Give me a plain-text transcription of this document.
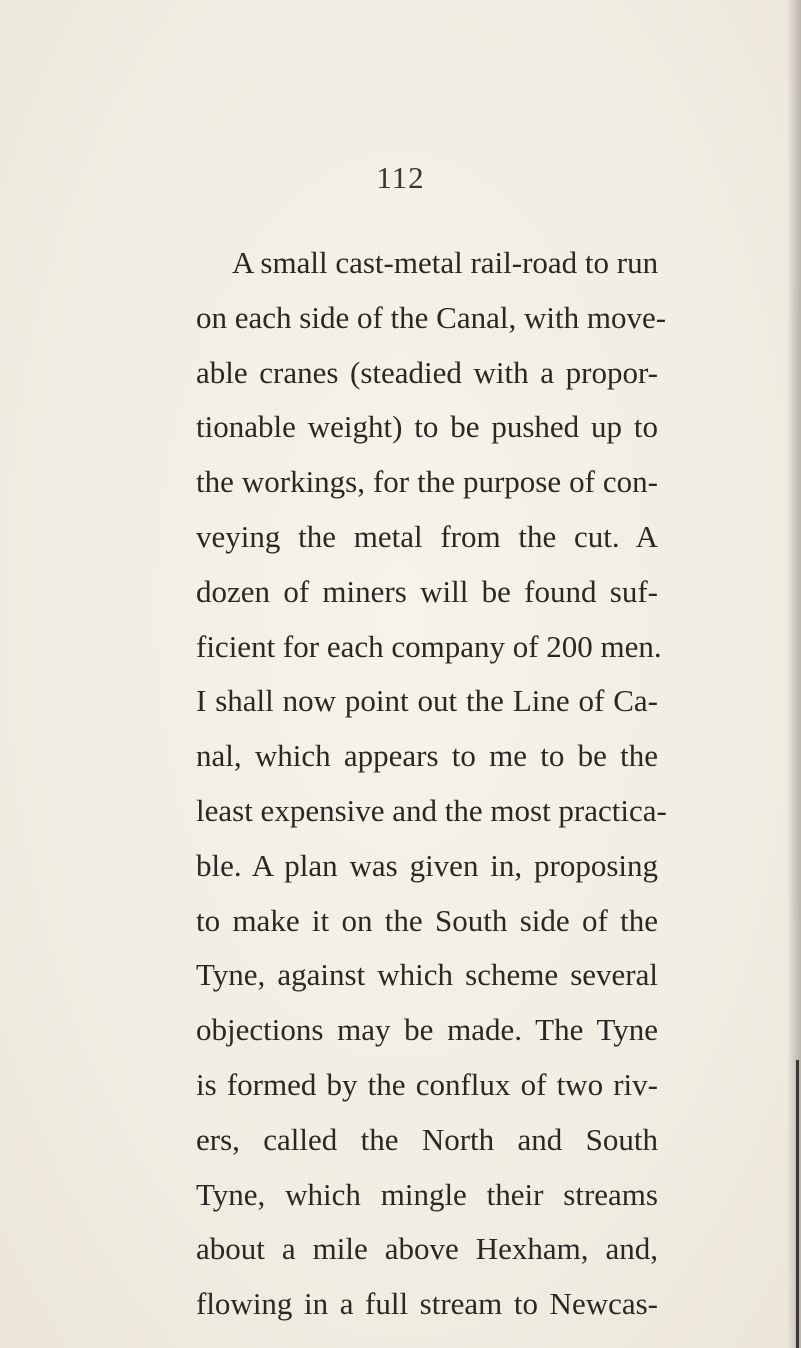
112
A small cast-metal rail-road to run
on each side of the Canal, with move-
able cranes (steadied with a propor-
tionable weight) to be pushed up to
the workings, for the purpose of con-
veying the metal from the cut. A
dozen of miners will be found suf-
ficient for each company of 200 men.
I shall now point out the Line of Ca-
nal, which appears to me to be the
least expensive and the most practica-
ble. A plan was given in, proposing
to make it on the South side of the
Tyne, against which scheme several
objections may be made. The Tyne
is formed by the conflux of two riv-
ers, called the North and South
Tyne, which mingle their streams
about a mile above Hexham, and,
flowing in a full stream to Newcas-
